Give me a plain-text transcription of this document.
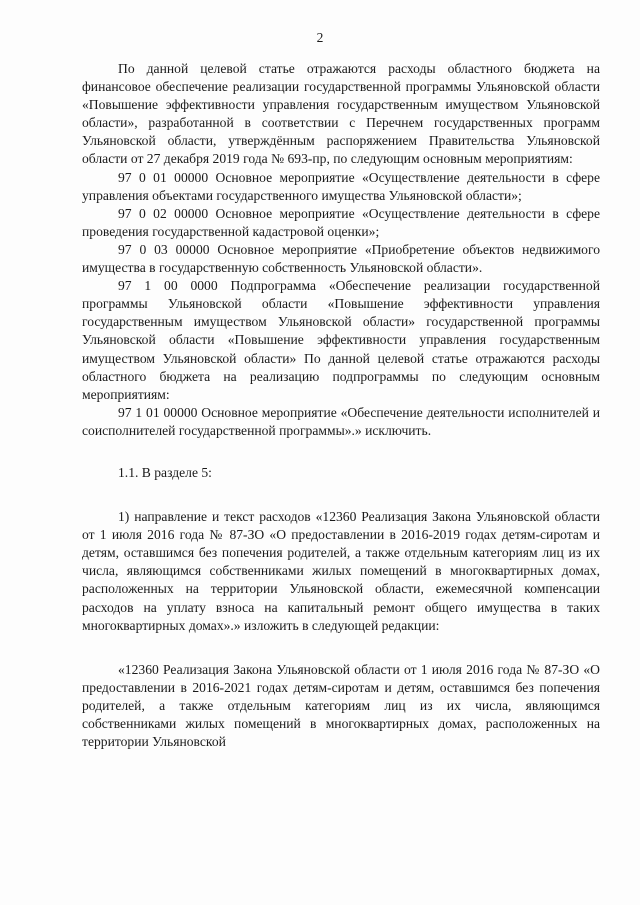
2

По данной целевой статье отражаются расходы областного бюджета на финансовое обеспечение реализации государственной программы Ульяновской области «Повышение эффективности управления государственным имуществом Ульяновской области», разработанной в соответствии с Перечнем государственных программ Ульяновской области, утверждённым распоряжением Правительства Ульяновской области от 27 декабря 2019 года № 693-пр, по следующим основным мероприятиям:

97 0 01 00000 Основное мероприятие «Осуществление деятельности в сфере управления объектами государственного имущества Ульяновской области»;

97 0 02 00000 Основное мероприятие «Осуществление деятельности в сфере проведения государственной кадастровой оценки»;

97 0 03 00000 Основное мероприятие «Приобретение объектов недвижимого имущества в государственную собственность Ульяновской области».

97 1 00 0000 Подпрограмма «Обеспечение реализации государственной программы Ульяновской области «Повышение эффективности управления государственным имуществом Ульяновской области» государственной программы Ульяновской области «Повышение эффективности управления государственным имуществом Ульяновской области» По данной целевой статье отражаются расходы областного бюджета на реализацию подпрограммы по следующим основным мероприятиям:

97 1 01 00000 Основное мероприятие «Обеспечение деятельности исполнителей и соисполнителей государственной программы».» исключить.

1.1. В разделе 5:

1) направление и текст расходов «12360 Реализация Закона Ульяновской области от 1 июля 2016 года № 87-ЗО «О предоставлении в 2016-2019 годах детям-сиротам и детям, оставшимся без попечения родителей, а также отдельным категориям лиц из их числа, являющимся собственниками жилых помещений в многоквартирных домах, расположенных на территории Ульяновской области, ежемесячной компенсации расходов на уплату взноса на капитальный ремонт общего имущества в таких многоквартирных домах».» изложить в следующей редакции:

«12360 Реализация Закона Ульяновской области от 1 июля 2016 года № 87-ЗО «О предоставлении в 2016-2021 годах детям-сиротам и детям, оставшимся без попечения родителей, а также отдельным категориям лиц из их числа, являющимся собственниками жилых помещений в многоквартирных домах, расположенных на территории Ульяновской
